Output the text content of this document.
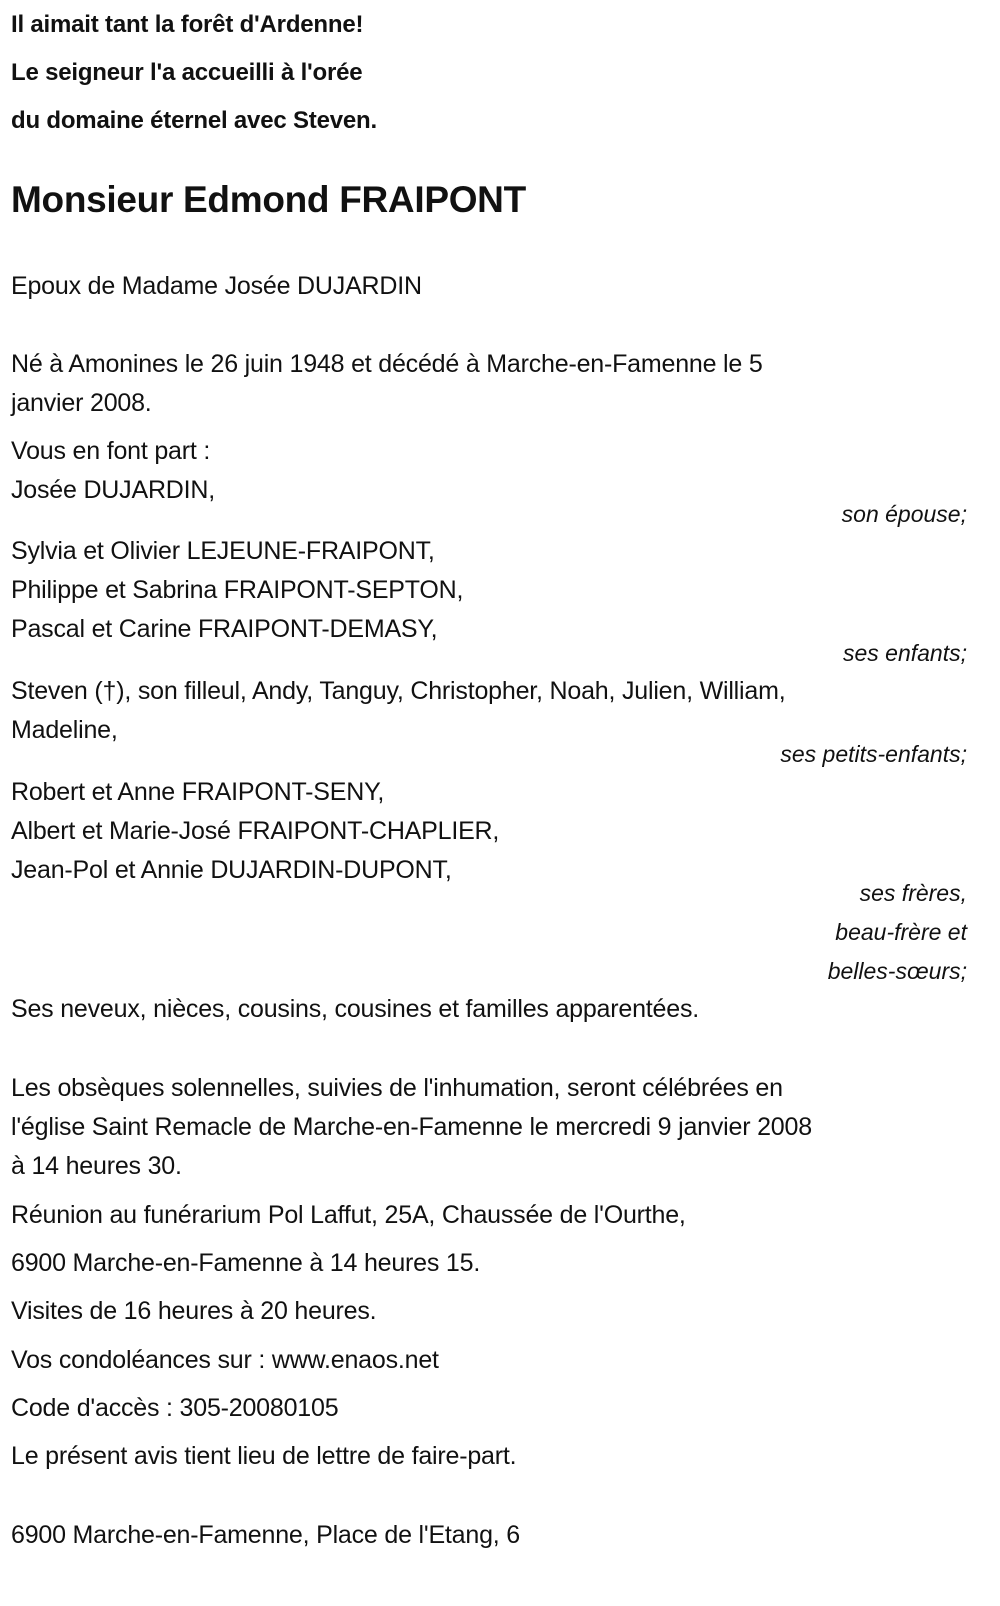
Il aimait tant la forêt d'Ardenne!
Le seigneur l'a accueilli à l'orée
du domaine éternel avec Steven.
Monsieur Edmond FRAIPONT
Epoux de Madame Josée DUJARDIN
Né à Amonines le 26 juin 1948 et décédé à Marche-en-Famenne le 5
janvier 2008.
Vous en font part :
Josée DUJARDIN,
son épouse;
Sylvia et Olivier LEJEUNE-FRAIPONT,
Philippe et Sabrina FRAIPONT-SEPTON,
Pascal et Carine FRAIPONT-DEMASY,
ses enfants;
Steven (†), son filleul, Andy, Tanguy, Christopher, Noah, Julien, William,
Madeline,
ses petits-enfants;
Robert et Anne FRAIPONT-SENY,
Albert et Marie-José FRAIPONT-CHAPLIER,
Jean-Pol et Annie DUJARDIN-DUPONT,
ses frères,
beau-frère et
belles-sœurs;
Ses neveux, nièces, cousins, cousines et familles apparentées.
Les obsèques solennelles, suivies de l'inhumation, seront célébrées en
l'église Saint Remacle de Marche-en-Famenne le mercredi 9 janvier 2008
à 14 heures 30.
Réunion au funérarium Pol Laffut, 25A, Chaussée de l'Ourthe,
6900 Marche-en-Famenne à 14 heures 15.
Visites de 16 heures à 20 heures.
Vos condoléances sur : www.enaos.net
Code d'accès : 305-20080105
Le présent avis tient lieu de lettre de faire-part.
6900 Marche-en-Famenne, Place de l'Etang, 6
